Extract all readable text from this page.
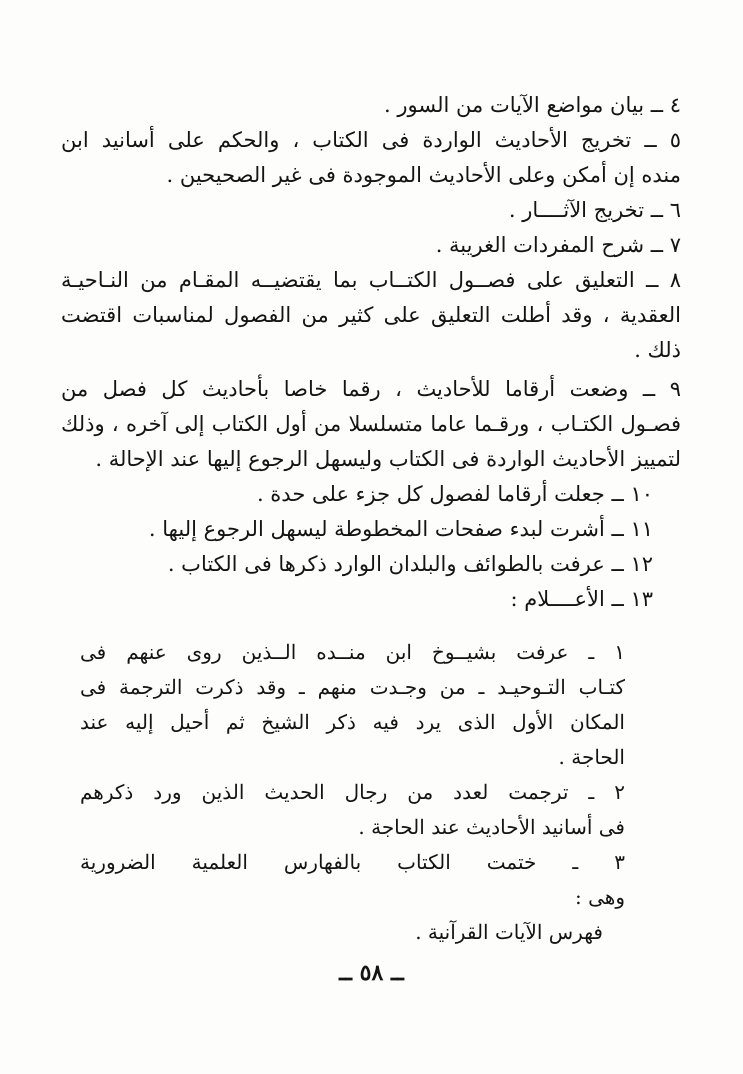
٤ ــ بيان مواضع الآيات من السور .
٥ ــ تخريج الأحاديث الواردة فى الكتاب ، والحكم على أسانيد ابن
منده إن أمكن وعلى الأحاديث الموجودة فى غير الصحيحين .
٦ ــ تخريج الآثــــار .
٧ ــ شرح المفردات الغريبة .
٨ ــ التعليق على فصــول الكتــاب بما يقتضيــه المقـام من النـاحيـة
العقدية ، وقد أطلت التعليق على كثير من الفصول لمناسبات اقتضت
ذلك .
٩ ــ وضعت أرقاما للأحاديث ، رقما خاصا بأحاديث كل فصل من
فصـول الكتـاب ، ورقـما عاما متسلسلا من أول الكتاب إلى آخره ، وذلك
لتمييز الأحاديث الواردة فى الكتاب وليسهل الرجوع إليها عند الإحالة .
١٠ ــ جعلت أرقاما لفصول كل جزء على حدة .
١١ ــ أشرت لبدء صفحات المخطوطة ليسهل الرجوع إليها .
١٢ ــ عرفت بالطوائف والبلدان الوارد ذكرها فى الكتاب .
١٣ ــ الأعــــلام :
١ ـ عرفت بشيــوخ ابن منــده الــذين روى عنهم فى
كتـاب التـوحيـد ـ من وجـدت منهم ـ وقد ذكرت الترجمة فى
المكان الأول الذى يرد فيه ذكر الشيخ ثم أحيل إليه عند
الحاجة .
٢ ـ ترجمت لعدد من رجال الحديث الذين ورد ذكرهم
فى أسانيد الأحاديث عند الحاجة .
٣ ـ ختمت الكتاب بالفهارس العلمية الضرورية
وهى :
فهرس الآيات القرآنية .
ــ ٥٨ ــ
